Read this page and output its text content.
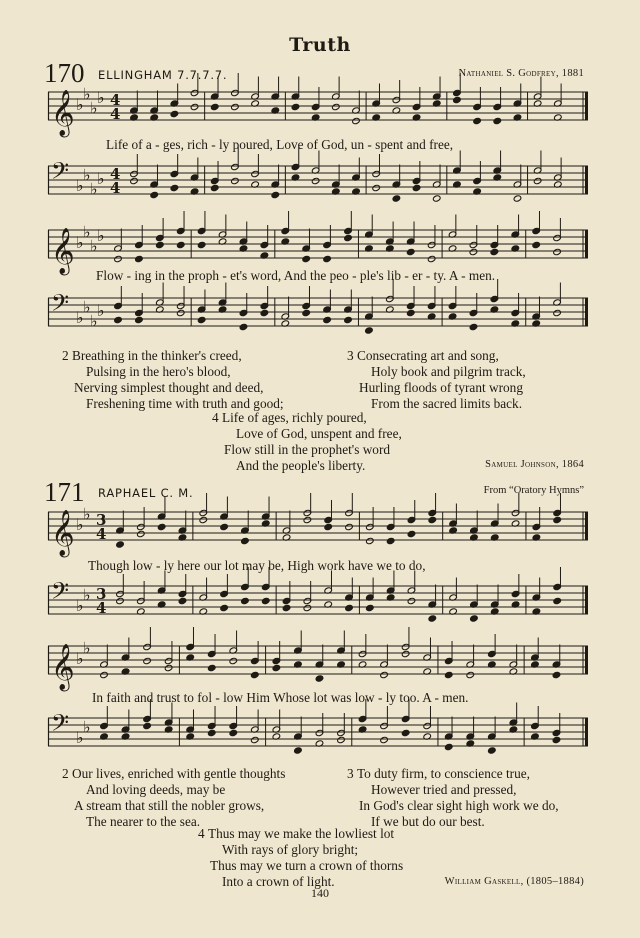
Truth
170 ELLINGHAM 7.7.7.7.	Nathaniel S. Godfrey, 1881
𝄞 ♭
♭
♭
♭ 4
4
Life of a - ges, rich - ly poured, Love of God, un - spent and free,
𝄢 ♭
♭
♭
♭ 4
4
𝄞 ♭
♭
♭
♭
Flow - ing in the proph - et's word, And the peo - ple's lib - er - ty. A - men.
𝄢 ♭
♭
♭
♭
2 Breathing in the thinker's creed,
Pulsing in the hero's blood,
Nerving simplest thought and deed,
Freshening time with truth and good;
3 Consecrating art and song,
Holy book and pilgrim track,
Hurling floods of tyrant wrong
From the sacred limits back.
4 Life of ages, richly poured,
Love of God, unspent and free,
Flow still in the prophet's word
And the people's liberty.	Samuel Johnson, 1864
171 RAPHAEL C. M.	From “Oratory Hymns”
𝄞 ♭
♭ 3
4
Though low - ly here our lot may be, High work have we to do,
𝄢 ♭
♭ 3
4
𝄞 ♭
♭
In faith and trust to fol - low Him Whose lot was low - ly too. A - men.
𝄢 ♭
♭
2 Our lives, enriched with gentle thoughts
And loving deeds, may be
A stream that still the nobler grows,
The nearer to the sea.
3 To duty firm, to conscience true,
However tried and pressed,
In God's clear sight high work we do,
If we but do our best.
4 Thus may we make the lowliest lot
With rays of glory bright;
Thus may we turn a crown of thorns
Into a crown of light.	William Gaskell, (1805–1884)
140
